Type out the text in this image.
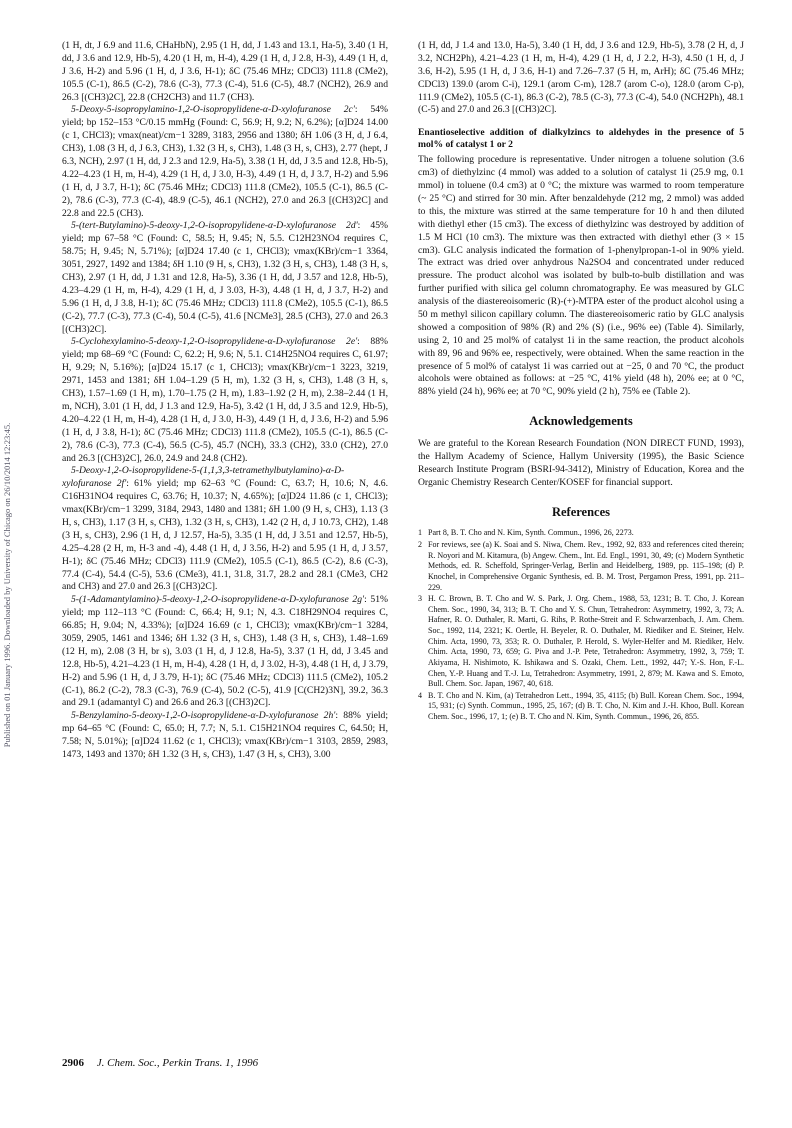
Published on 01 January 1996. Downloaded by University of Chicago on 26/10/2014 12:23:45.

(1 H, dt, J 6.9 and 11.6, CHaHbN), 2.95 (1 H, dd, J 1.43 and 13.1, Ha-5), 3.40 (1 H, dd, J 3.6 and 12.9, Hb-5), 4.20 (1 H, m, H-4), 4.29 (1 H, d, J 2.8, H-3), 4.49 (1 H, d, J 3.6, H-2) and 5.96 (1 H, d, J 3.6, H-1); δC (75.46 MHz; CDCl3) 111.8 (CMe2), 105.5 (C-1), 86.5 (C-2), 78.6 (C-3), 77.3 (C-4), 51.6 (C-5), 48.7 (NCH2), 26.9 and 26.3 [(CH3)2C], 22.8 (CH2CH3) and 11.7 (CH3).

5-Deoxy-5-isopropylamino-1,2-O-isopropylidene-α-D-xylofuranose 2c': 54% yield; bp 152–153 °C/0.15 mmHg (Found: C, 56.9; H, 9.2; N, 6.2%); [α]D24 14.00 (c 1, CHCl3); νmax(neat)/cm−1 3289, 3183, 2956 and 1380; δH 1.06 (3 H, d, J 6.4, CH3), 1.08 (3 H, d, J 6.3, CH3), 1.32 (3 H, s, CH3), 1.48 (3 H, s, CH3), 2.77 (hept, J 6.3, NCH), 2.97 (1 H, dd, J 2.3 and 12.9, Ha-5), 3.38 (1 H, dd, J 3.5 and 12.8, Hb-5), 4.22–4.23 (1 H, m, H-4), 4.29 (1 H, d, J 3.0, H-3), 4.49 (1 H, d, J 3.7, H-2) and 5.96 (1 H, d, J 3.7, H-1); δC (75.46 MHz; CDCl3) 111.8 (CMe2), 105.5 (C-1), 86.5 (C-2), 78.6 (C-3), 77.3 (C-4), 48.9 (C-5), 46.1 (NCH2), 27.0 and 26.3 [(CH3)2C] and 22.8 and 22.5 (CH3).

5-(tert-Butylamino)-5-deoxy-1,2-O-isopropylidene-α-D-xylofuranose 2d': 45% yield; mp 67–58 °C (Found: C, 58.5; H, 9.45; N, 5.5. C12H23NO4 requires C, 58.75; H, 9.45; N, 5.71%); [α]D24 17.40 (c 1, CHCl3); νmax(KBr)/cm−1 3364, 3051, 2927, 1492 and 1384; δH 1.10 (9 H, s, CH3), 1.32 (3 H, s, CH3), 1.48 (3 H, s, CH3), 2.97 (1 H, dd, J 1.31 and 12.8, Ha-5), 3.36 (1 H, dd, J 3.57 and 12.8, Hb-5), 4.23–4.29 (1 H, m, H-4), 4.29 (1 H, d, J 3.03, H-3), 4.48 (1 H, d, J 3.7, H-2) and 5.96 (1 H, d, J 3.8, H-1); δC (75.46 MHz; CDCl3) 111.8 (CMe2), 105.5 (C-1), 86.5 (C-2), 77.7 (C-3), 77.3 (C-4), 50.4 (C-5), 41.6 [NCMe3], 28.5 (CH3), 27.0 and 26.3 [(CH3)2C].

5-Cyclohexylamino-5-deoxy-1,2-O-isopropylidene-α-D-xylofuranose 2e': 88% yield; mp 68–69 °C (Found: C, 62.2; H, 9.6; N, 5.1. C14H25NO4 requires C, 61.97; H, 9.29; N, 5.16%); [α]D24 15.17 (c 1, CHCl3); νmax(KBr)/cm−1 3223, 3219, 2971, 1453 and 1381; δH 1.04–1.29 (5 H, m), 1.32 (3 H, s, CH3), 1.48 (3 H, s, CH3), 1.57–1.69 (1 H, m), 1.70–1.75 (2 H, m), 1.83–1.92 (2 H, m), 2.38–2.44 (1 H, m, NCH), 3.01 (1 H, dd, J 1.3 and 12.9, Ha-5), 3.42 (1 H, dd, J 3.5 and 12.9, Hb-5), 4.20–4.22 (1 H, m, H-4), 4.28 (1 H, d, J 3.0, H-3), 4.49 (1 H, d, J 3.6, H-2) and 5.96 (1 H, d, J 3.8, H-1); δC (75.46 MHz; CDCl3) 111.8 (CMe2), 105.5 (C-1), 86.5 (C-2), 78.6 (C-3), 77.3 (C-4), 56.5 (C-5), 45.7 (NCH), 33.3 (CH2), 33.0 (CH2), 27.0 and 26.3 [(CH3)2C], 26.0, 24.9 and 24.8 (CH2).

5-Deoxy-1,2-O-isopropylidene-5-(1,1,3,3-tetramethylbutylamino)-α-D-xylofuranose 2f': 61% yield; mp 62–63 °C (Found: C, 63.7; H, 10.6; N, 4.6. C16H31NO4 requires C, 63.76; H, 10.37; N, 4.65%); [α]D24 11.86 (c 1, CHCl3); νmax(KBr)/cm−1 3299, 3184, 2943, 1480 and 1381; δH 1.00 (9 H, s, CH3), 1.13 (3 H, s, CH3), 1.17 (3 H, s, CH3), 1.32 (3 H, s, CH3), 1.42 (2 H, d, J 10.73, CH2), 1.48 (3 H, s, CH3), 2.96 (1 H, d, J 12.57, Ha-5), 3.35 (1 H, dd, J 3.51 and 12.57, Hb-5), 4.25–4.28 (2 H, m, H-3 and -4), 4.48 (1 H, d, J 3.56, H-2) and 5.95 (1 H, d, J 3.57, H-1); δC (75.46 MHz; CDCl3) 111.9 (CMe2), 105.5 (C-1), 86.5 (C-2), 8.6 (C-3), 77.4 (C-4), 54.4 (C-5), 53.6 (CMe3), 41.1, 31.8, 31.7, 28.2 and 28.1 (CMe3, CH2 and CH3) and 27.0 and 26.3 [(CH3)2C].

5-(1-Adamantylamino)-5-deoxy-1,2-O-isopropylidene-α-D-xylofuranose 2g': 51% yield; mp 112–113 °C (Found: C, 66.4; H, 9.1; N, 4.3. C18H29NO4 requires C, 66.85; H, 9.04; N, 4.33%); [α]D24 16.69 (c 1, CHCl3); νmax(KBr)/cm−1 3284, 3059, 2905, 1461 and 1346; δH 1.32 (3 H, s, CH3), 1.48 (3 H, s, CH3), 1.48–1.69 (12 H, m), 2.08 (3 H, br s), 3.03 (1 H, d, J 12.8, Ha-5), 3.37 (1 H, dd, J 3.45 and 12.8, Hb-5), 4.21–4.23 (1 H, m, H-4), 4.28 (1 H, d, J 3.02, H-3), 4.48 (1 H, d, J 3.79, H-2) and 5.96 (1 H, d, J 3.79, H-1); δC (75.46 MHz; CDCl3) 111.5 (CMe2), 105.2 (C-1), 86.2 (C-2), 78.3 (C-3), 76.9 (C-4), 50.2 (C-5), 41.9 [C(CH2)3N], 39.2, 36.3 and 29.1 (adamantyl C) and 26.6 and 26.3 [(CH3)2C].

5-Benzylamino-5-deoxy-1,2-O-isopropylidene-α-D-xylofuranose 2h': 88% yield; mp 64–65 °C (Found: C, 65.0; H, 7.7; N, 5.1. C15H21NO4 requires C, 64.50; H, 7.58; N, 5.01%); [α]D24 11.62 (c 1, CHCl3); νmax(KBr)/cm−1 3103, 2859, 2983, 1473, 1493 and 1370; δH 1.32 (3 H, s, CH3), 1.47 (3 H, s, CH3), 3.00

(1 H, dd, J 1.4 and 13.0, Ha-5), 3.40 (1 H, dd, J 3.6 and 12.9, Hb-5), 3.78 (2 H, d, J 3.2, NCH2Ph), 4.21–4.23 (1 H, m, H-4), 4.29 (1 H, d, J 2.2, H-3), 4.50 (1 H, d, J 3.6, H-2), 5.95 (1 H, d, J 3.6, H-1) and 7.26–7.37 (5 H, m, ArH); δC (75.46 MHz; CDCl3) 139.0 (arom C-i), 129.1 (arom C-m), 128.7 (arom C-o), 128.0 (arom C-p), 111.9 (CMe2), 105.5 (C-1), 86.3 (C-2), 78.5 (C-3), 77.3 (C-4), 54.0 (NCH2Ph), 48.1 (C-5) and 27.0 and 26.3 [(CH3)2C].

Enantioselective addition of dialkylzincs to aldehydes in the presence of 5 mol% of catalyst 1 or 2

The following procedure is representative. Under nitrogen a toluene solution (3.6 cm3) of diethylzinc (4 mmol) was added to a solution of catalyst 1i (25.9 mg, 0.1 mmol) in toluene (0.4 cm3) at 0 °C; the mixture was warmed to room temperature (~ 25 °C) and stirred for 30 min. After benzaldehyde (212 mg, 2 mmol) was added to this, the mixture was stirred at the same temperature for 10 h and then diluted with diethyl ether (15 cm3). The excess of diethylzinc was destroyed by addition of 1.5 M HCl (10 cm3). The mixture was then extracted with diethyl ether (3 × 15 cm3). GLC analysis indicated the formation of 1-phenylpropan-1-ol in 90% yield. The extract was dried over anhydrous Na2SO4 and concentrated under reduced pressure. The product alcohol was isolated by bulb-to-bulb distillation and was further purified with silica gel column chromatography. Ee was measured by GLC analysis of the diastereoisomeric (R)-(+)-MTPA ester of the product alcohol using a 50 m methyl silicon capillary column. The diastereoisomeric ratio by GLC analysis showed a composition of 98% (R) and 2% (S) (i.e., 96% ee) (Table 4). Similarly, using 2, 10 and 25 mol% of catalyst 1i in the same reaction, the product alcohols with 89, 96 and 96% ee, respectively, were obtained. When the same reaction in the presence of 5 mol% of catalyst 1i was carried out at −25, 0 and 70 °C, the product alcohols were obtained as follows: at −25 °C, 41% yield (48 h), 20% ee; at 0 °C, 88% yield (24 h), 96% ee; at 70 °C, 90% yield (2 h), 75% ee (Table 2).

Acknowledgements

We are grateful to the Korean Research Foundation (NON DIRECT FUND, 1993), the Hallym Academy of Science, Hallym University (1995), the Basic Science Research Institute Program (BSRI-94-3412), Ministry of Education, Korea and the Organic Chemistry Research Center/KOSEF for financial support.

References
1 Part 8, B. T. Cho and N. Kim, Synth. Commun., 1996, 26, 2273.
2 For reviews, see (a) K. Soai and S. Niwa, Chem. Rev., 1992, 92, 833 and references cited therein; R. Noyori and M. Kitamura, (b) Angew. Chem., Int. Ed. Engl., 1991, 30, 49; (c) Modern Synthetic Methods, ed. R. Scheffold, Springer-Verlag, Berlin and Heidelberg, 1989, pp. 115–198; (d) P. Knochel, in Comprehensive Organic Synthesis, ed. B. M. Trost, Pergamon Press, 1991, pp. 211–229.
3 H. C. Brown, B. T. Cho and W. S. Park, J. Org. Chem., 1988, 53, 1231; B. T. Cho, J. Korean Chem. Soc., 1990, 34, 313; B. T. Cho and Y. S. Chun, Tetrahedron: Asymmetry, 1992, 3, 73; A. Hafner, R. O. Duthaler, R. Marti, G. Rihs, P. Rothe-Streit and F. Schwarzenbach, J. Am. Chem. Soc., 1992, 114, 2321; K. Oertle, H. Beyeler, R. O. Duthaler, M. Riediker and E. Steiner, Helv. Chim. Acta, 1990, 73, 353; R. O. Duthaler, P. Herold, S. Wyler-Helfer and M. Riediker, Helv. Chim. Acta, 1990, 73, 659; G. Piva and J.-P. Pete, Tetrahedron: Asymmetry, 1992, 3, 759; T. Akiyama, H. Nishimoto, K. Ishikawa and S. Ozaki, Chem. Lett., 1992, 447; Y.-S. Hon, F.-L. Chen, Y.-P. Huang and T.-J. Lu, Tetrahedron: Asymmetry, 1991, 2, 879; M. Kawa and S. Emoto, Bull. Chem. Soc. Japan, 1967, 40, 618.
4 B. T. Cho and N. Kim, (a) Tetrahedron Lett., 1994, 35, 4115; (b) Bull. Korean Chem. Soc., 1994, 15, 931; (c) Synth. Commun., 1995, 25, 167; (d) B. T. Cho, N. Kim and J.-H. Khoo, Bull. Korean Chem. Soc., 1996, 17, 1; (e) B. T. Cho and N. Kim, Synth. Commun., 1996, 26, 855.
2906 J. Chem. Soc., Perkin Trans. 1, 1996
